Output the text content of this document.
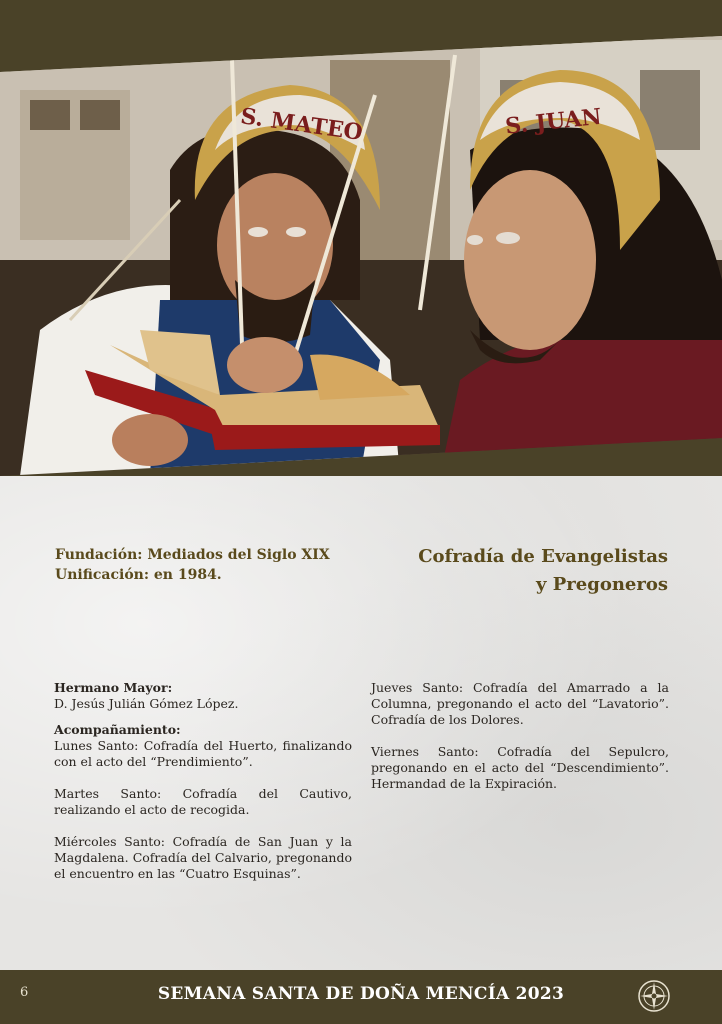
S. MATEO	S. JUAN
Fundación: Mediados del Siglo XIX
Unificación: en 1984.
Cofradía de Evangelistas
y Pregoneros

Hermano Mayor:

D. Jesús Julián Gómez López.

Acompañamiento:

Lunes Santo: Cofradía del Huerto, finalizando con el acto del “Prendimiento”.

Martes Santo: Cofradía del Cautivo, realizando el acto de recogida.

Miércoles Santo: Cofradía de San Juan y la Magdalena. Cofradía del Calvario, pregonando el encuentro en las “Cuatro Esquinas”.

Jueves Santo: Cofradía del Amarrado a la Columna, pregonando el acto del “Lavatorio”. Cofradía de los Dolores.

Viernes Santo: Cofradía del Sepulcro, pregonando en el acto del “Descendimiento”. Hermandad de la Expiración.

6	SEMANA SANTA DE DOÑA MENCÍA 2023
